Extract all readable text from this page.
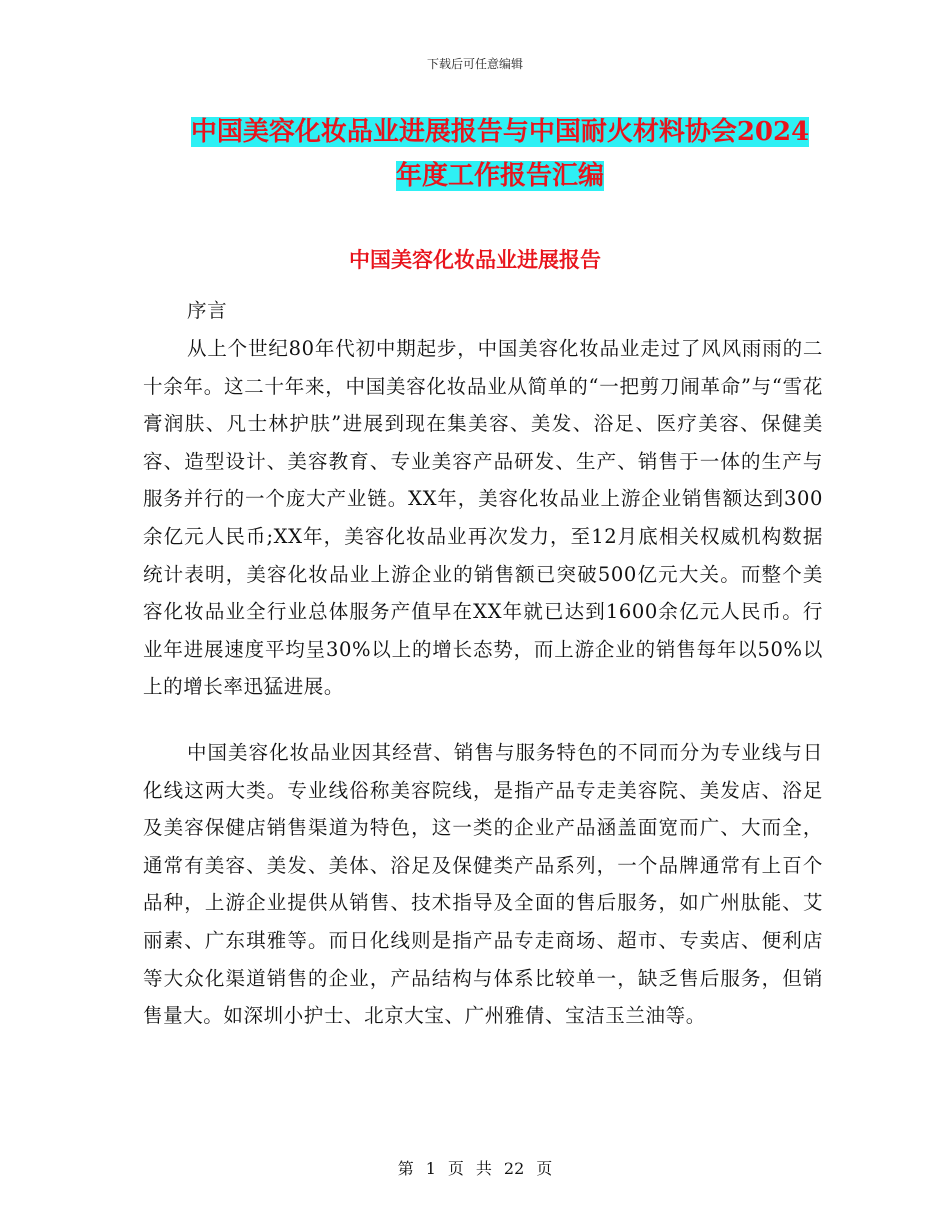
下载后可任意编辑
中国美容化妆品业进展报告与中国耐火材料协会2024
年度工作报告汇编
中国美容化妆品业进展报告
序言
从上个世纪80年代初中期起步，中国美容化妆品业走过了风风雨雨的二十余年。这二十年来，中国美容化妆品业从简单的“一把剪刀闹革命”与“雪花膏润肤、凡士林护肤”进展到现在集美容、美发、浴足、医疗美容、保健美容、造型设计、美容教育、专业美容产品研发、生产、销售于一体的生产与服务并行的一个庞大产业链。XX年，美容化妆品业上游企业销售额达到300余亿元人民币;XX年，美容化妆品业再次发力，至12月底相关权威机构数据统计表明，美容化妆品业上游企业的销售额已突破500亿元大关。而整个美容化妆品业全行业总体服务产值早在XX年就已达到1600余亿元人民币。行业年进展速度平均呈30%以上的增长态势，而上游企业的销售每年以50%以上的增长率迅猛进展。
中国美容化妆品业因其经营、销售与服务特色的不同而分为专业线与日化线这两大类。专业线俗称美容院线，是指产品专走美容院、美发店、浴足及美容保健店销售渠道为特色，这一类的企业产品涵盖面宽而广、大而全，通常有美容、美发、美体、浴足及保健类产品系列，一个品牌通常有上百个品种，上游企业提供从销售、技术指导及全面的售后服务，如广州肽能、艾丽素、广东琪雅等。而日化线则是指产品专走商场、超市、专卖店、便利店等大众化渠道销售的企业，产品结构与体系比较单一，缺乏售后服务，但销售量大。如深圳小护士、北京大宝、广州雅倩、宝洁玉兰油等。
第 1 页 共 22 页
